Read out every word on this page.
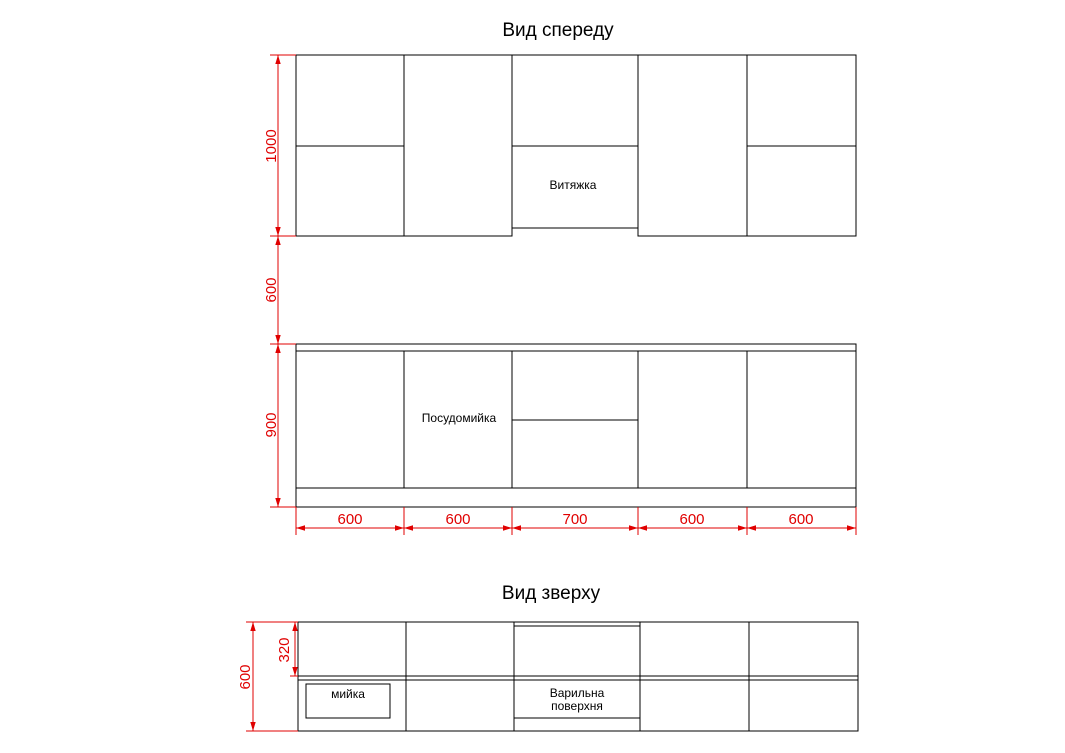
Вид спереду
Витяжка
Посудомийка
1000
600
900
600	600	700	600	600
Вид зверху
мийка	Варильна
поверхня
600
320
